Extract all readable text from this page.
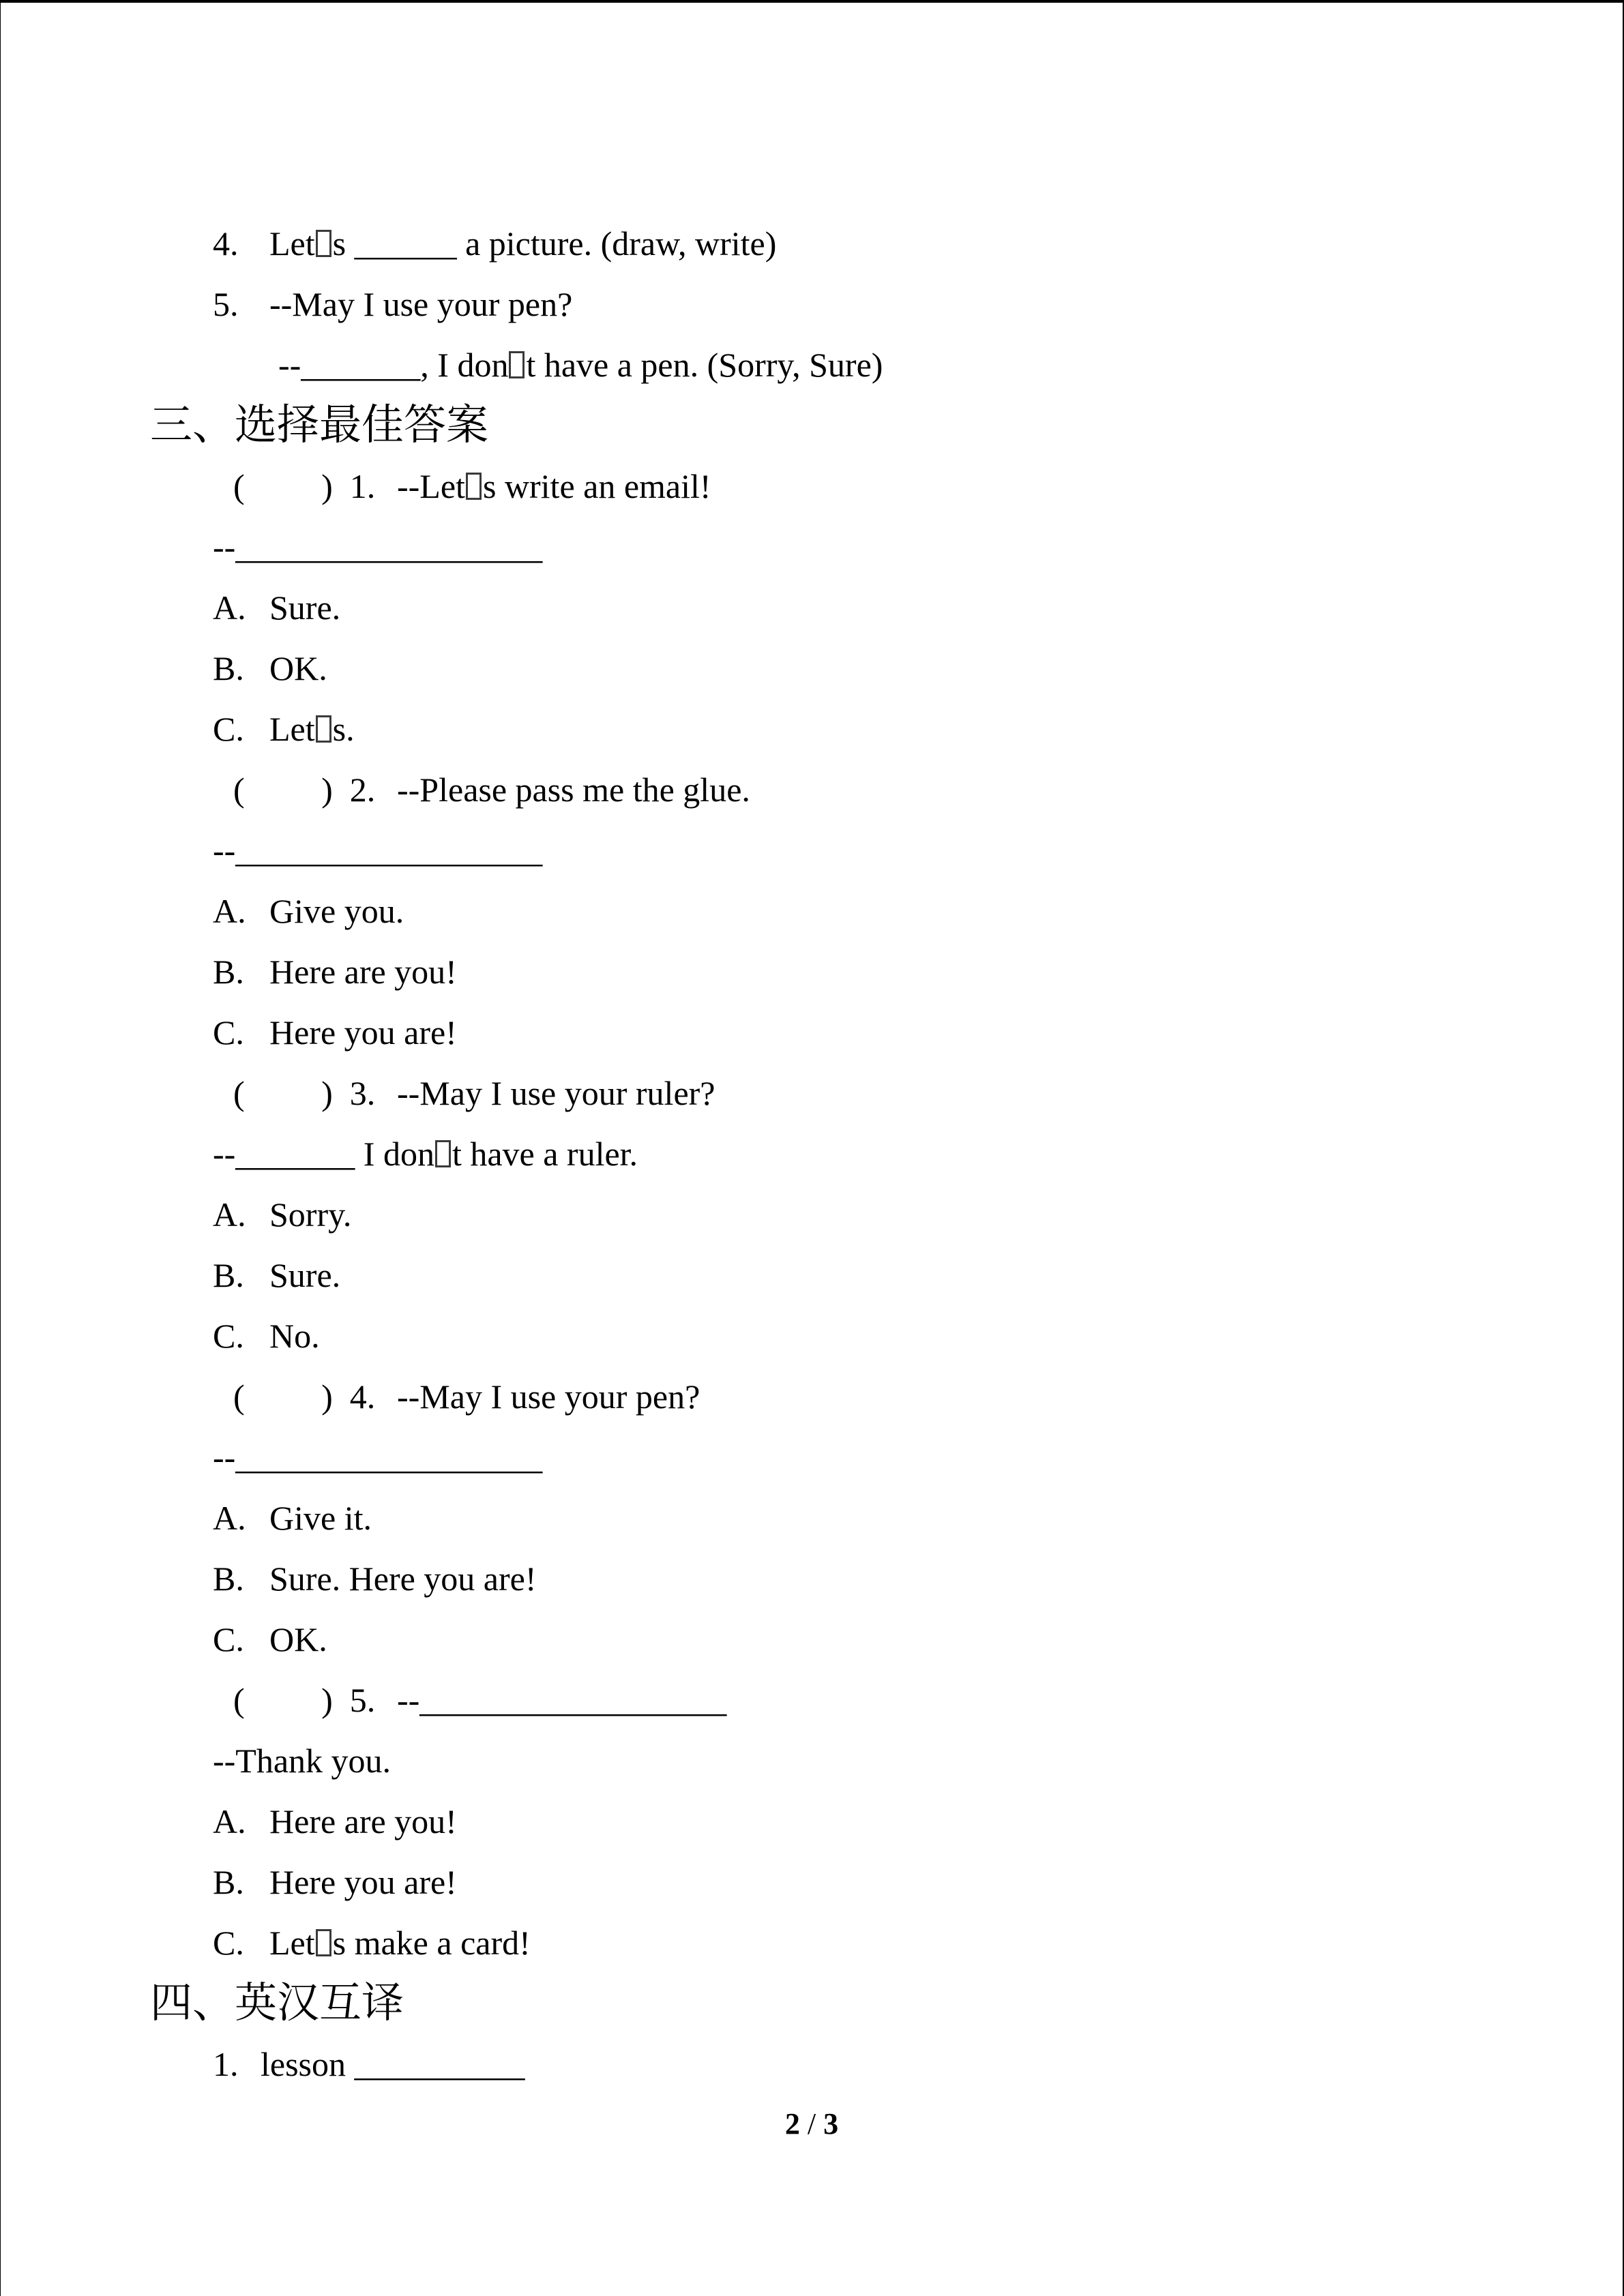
4. Let s ______ a picture. (draw, write)
5. --May I use your pen?
--_______, I don t have a pen. (Sorry, Sure)
三、选择最佳答案
(         )  1. --Let s write an email!
--__________________
A. Sure.
B. OK.
C. Let s.
(         )  2. --Please pass me the glue.
--__________________
A. Give you.
B. Here are you!
C. Here you are!
(         )  3. --May I use your ruler?
--_______ I don t have a ruler.
A. Sorry.
B. Sure.
C. No.
(         )  4. --May I use your pen?
--__________________
A. Give it.
B. Sure. Here you are!
C. OK.
(         )  5. --__________________
--Thank you.
A. Here are you!
B. Here you are!
C. Let s make a card!
四、英汉互译
1. lesson __________
2 / 3
